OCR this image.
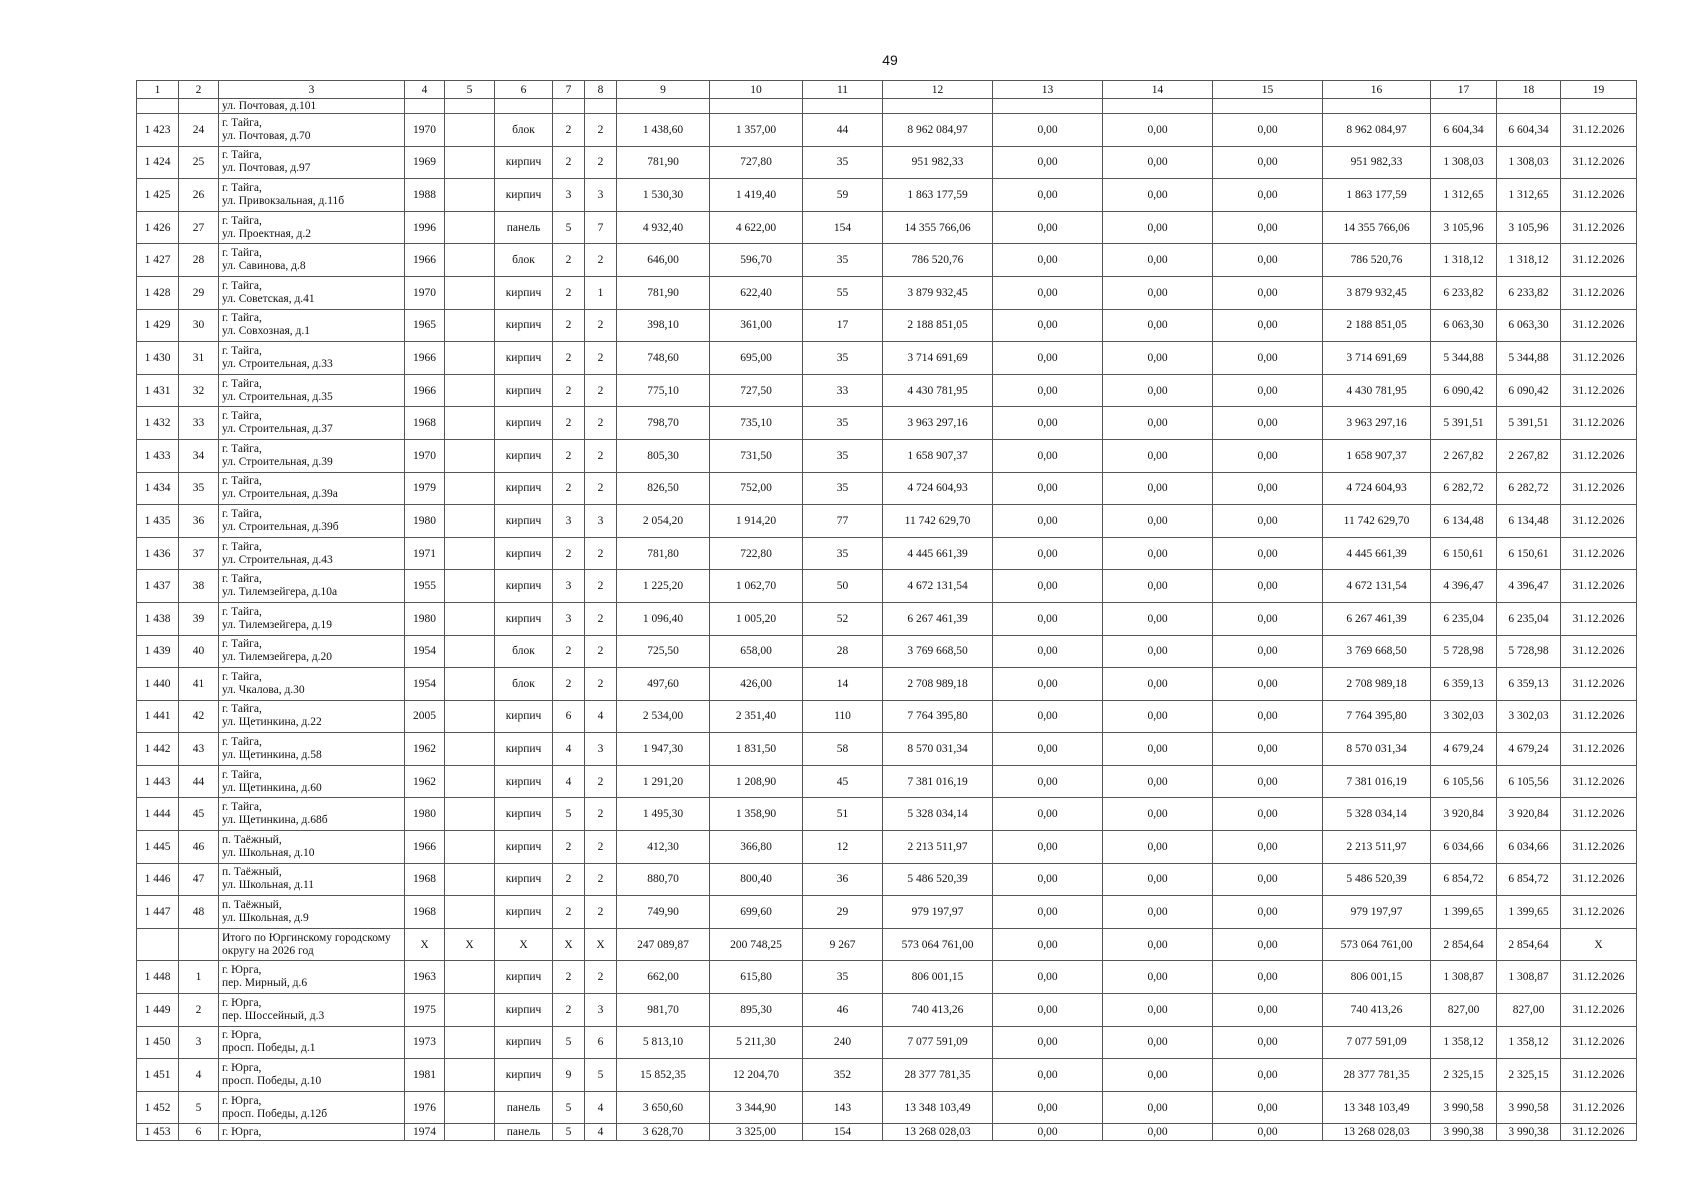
49
1	2	3	4	5	6	7	8	9	10	11	12	13	14	15	16	17	18	19

		ул. Почтовая, д.101																

1 423	24	г. Тайга,
ул. Почтовая, д.70	1970		блок	2	2	1 438,60	1 357,00	44	8 962 084,97	0,00	0,00	0,00	8 962 084,97	6 604,34	6 604,34	31.12.2026
1 424	25	г. Тайга,
ул. Почтовая, д.97	1969		кирпич	2	2	781,90	727,80	35	951 982,33	0,00	0,00	0,00	951 982,33	1 308,03	1 308,03	31.12.2026
1 425	26	г. Тайга,
ул. Привокзальная, д.11б	1988		кирпич	3	3	1 530,30	1 419,40	59	1 863 177,59	0,00	0,00	0,00	1 863 177,59	1 312,65	1 312,65	31.12.2026
1 426	27	г. Тайга,
ул. Проектная, д.2	1996		панель	5	7	4 932,40	4 622,00	154	14 355 766,06	0,00	0,00	0,00	14 355 766,06	3 105,96	3 105,96	31.12.2026
1 427	28	г. Тайга,
ул. Савинова, д.8	1966		блок	2	2	646,00	596,70	35	786 520,76	0,00	0,00	0,00	786 520,76	1 318,12	1 318,12	31.12.2026
1 428	29	г. Тайга,
ул. Советская, д.41	1970		кирпич	2	1	781,90	622,40	55	3 879 932,45	0,00	0,00	0,00	3 879 932,45	6 233,82	6 233,82	31.12.2026
1 429	30	г. Тайга,
ул. Совхозная, д.1	1965		кирпич	2	2	398,10	361,00	17	2 188 851,05	0,00	0,00	0,00	2 188 851,05	6 063,30	6 063,30	31.12.2026
1 430	31	г. Тайга,
ул. Строительная, д.33	1966		кирпич	2	2	748,60	695,00	35	3 714 691,69	0,00	0,00	0,00	3 714 691,69	5 344,88	5 344,88	31.12.2026
1 431	32	г. Тайга,
ул. Строительная, д.35	1966		кирпич	2	2	775,10	727,50	33	4 430 781,95	0,00	0,00	0,00	4 430 781,95	6 090,42	6 090,42	31.12.2026
1 432	33	г. Тайга,
ул. Строительная, д.37	1968		кирпич	2	2	798,70	735,10	35	3 963 297,16	0,00	0,00	0,00	3 963 297,16	5 391,51	5 391,51	31.12.2026
1 433	34	г. Тайга,
ул. Строительная, д.39	1970		кирпич	2	2	805,30	731,50	35	1 658 907,37	0,00	0,00	0,00	1 658 907,37	2 267,82	2 267,82	31.12.2026
1 434	35	г. Тайга,
ул. Строительная, д.39а	1979		кирпич	2	2	826,50	752,00	35	4 724 604,93	0,00	0,00	0,00	4 724 604,93	6 282,72	6 282,72	31.12.2026
1 435	36	г. Тайга,
ул. Строительная, д.39б	1980		кирпич	3	3	2 054,20	1 914,20	77	11 742 629,70	0,00	0,00	0,00	11 742 629,70	6 134,48	6 134,48	31.12.2026
1 436	37	г. Тайга,
ул. Строительная, д.43	1971		кирпич	2	2	781,80	722,80	35	4 445 661,39	0,00	0,00	0,00	4 445 661,39	6 150,61	6 150,61	31.12.2026
1 437	38	г. Тайга,
ул. Тилемзейгера, д.10а	1955		кирпич	3	2	1 225,20	1 062,70	50	4 672 131,54	0,00	0,00	0,00	4 672 131,54	4 396,47	4 396,47	31.12.2026
1 438	39	г. Тайга,
ул. Тилемзейгера, д.19	1980		кирпич	3	2	1 096,40	1 005,20	52	6 267 461,39	0,00	0,00	0,00	6 267 461,39	6 235,04	6 235,04	31.12.2026
1 439	40	г. Тайга,
ул. Тилемзейгера, д.20	1954		блок	2	2	725,50	658,00	28	3 769 668,50	0,00	0,00	0,00	3 769 668,50	5 728,98	5 728,98	31.12.2026
1 440	41	г. Тайга,
ул. Чкалова, д.30	1954		блок	2	2	497,60	426,00	14	2 708 989,18	0,00	0,00	0,00	2 708 989,18	6 359,13	6 359,13	31.12.2026
1 441	42	г. Тайга,
ул. Щетинкина, д.22	2005		кирпич	6	4	2 534,00	2 351,40	110	7 764 395,80	0,00	0,00	0,00	7 764 395,80	3 302,03	3 302,03	31.12.2026
1 442	43	г. Тайга,
ул. Щетинкина, д.58	1962		кирпич	4	3	1 947,30	1 831,50	58	8 570 031,34	0,00	0,00	0,00	8 570 031,34	4 679,24	4 679,24	31.12.2026
1 443	44	г. Тайга,
ул. Щетинкина, д.60	1962		кирпич	4	2	1 291,20	1 208,90	45	7 381 016,19	0,00	0,00	0,00	7 381 016,19	6 105,56	6 105,56	31.12.2026
1 444	45	г. Тайга,
ул. Щетинкина, д.68б	1980		кирпич	5	2	1 495,30	1 358,90	51	5 328 034,14	0,00	0,00	0,00	5 328 034,14	3 920,84	3 920,84	31.12.2026
1 445	46	п. Таёжный,
ул. Школьная, д.10	1966		кирпич	2	2	412,30	366,80	12	2 213 511,97	0,00	0,00	0,00	2 213 511,97	6 034,66	6 034,66	31.12.2026
1 446	47	п. Таёжный,
ул. Школьная, д.11	1968		кирпич	2	2	880,70	800,40	36	5 486 520,39	0,00	0,00	0,00	5 486 520,39	6 854,72	6 854,72	31.12.2026
1 447	48	п. Таёжный,
ул. Школьная, д.9	1968		кирпич	2	2	749,90	699,60	29	979 197,97	0,00	0,00	0,00	979 197,97	1 399,65	1 399,65	31.12.2026

		Итого по Юргинскому городскому
округу на 2026 год	X	X	X	X	X	247 089,87	200 748,25	9 267	573 064 761,00	0,00	0,00	0,00	573 064 761,00	2 854,64	2 854,64	X
1 448	1	г. Юрга,
пер. Мирный, д.6	1963		кирпич	2	2	662,00	615,80	35	806 001,15	0,00	0,00	0,00	806 001,15	1 308,87	1 308,87	31.12.2026
1 449	2	г. Юрга,
пер. Шоссейный, д.3	1975		кирпич	2	3	981,70	895,30	46	740 413,26	0,00	0,00	0,00	740 413,26	827,00	827,00	31.12.2026
1 450	3	г. Юрга,
просп. Победы, д.1	1973		кирпич	5	6	5 813,10	5 211,30	240	7 077 591,09	0,00	0,00	0,00	7 077 591,09	1 358,12	1 358,12	31.12.2026
1 451	4	г. Юрга,
просп. Победы, д.10	1981		кирпич	9	5	15 852,35	12 204,70	352	28 377 781,35	0,00	0,00	0,00	28 377 781,35	2 325,15	2 325,15	31.12.2026
1 452	5	г. Юрга,
просп. Победы, д.12б	1976		панель	5	4	3 650,60	3 344,90	143	13 348 103,49	0,00	0,00	0,00	13 348 103,49	3 990,58	3 990,58	31.12.2026
1 453	6	г. Юрга,	1974		панель	5	4	3 628,70	3 325,00	154	13 268 028,03	0,00	0,00	0,00	13 268 028,03	3 990,38	3 990,38	31.12.2026
